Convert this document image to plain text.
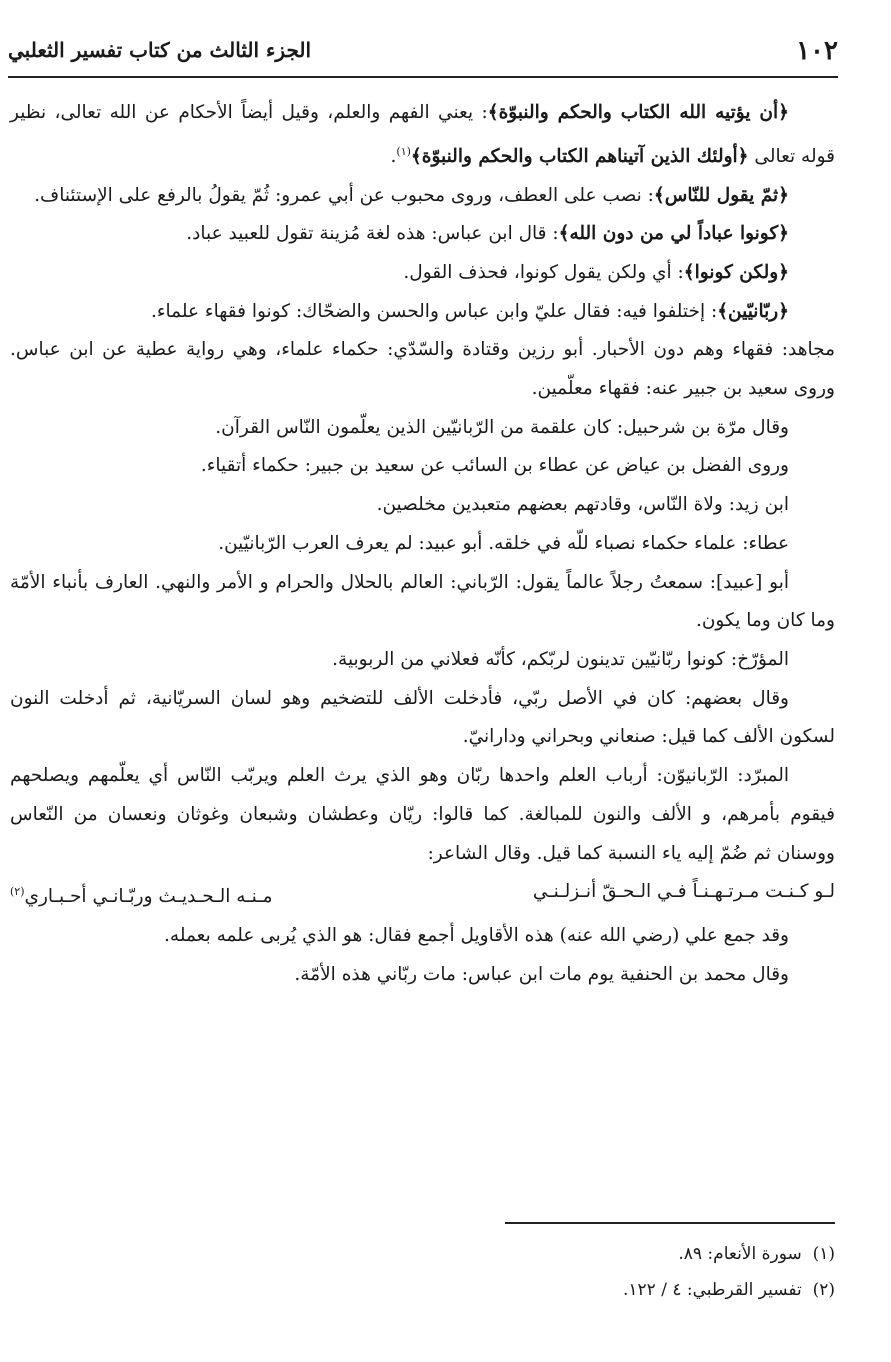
١٠٢
الجزء الثالث من كتاب تفسير الثعلبي

﴿أن يؤتيه الله الكتاب والحكم والنبوّة﴾: يعني الفهم والعلم، وقيل أيضاً الأحكام عن الله تعالى، نظير قوله تعالى ﴿أولئك الذين آتيناهم الكتاب والحكم والنبوّة﴾$^{(١)}$.

﴿ثمّ يقول للنّاس﴾: نصب على العطف، وروى محبوب عن أبي عمرو: ثُمّ يقولُ بالرفع على الإستئناف.

﴿كونوا عباداً لي من دون الله﴾: قال ابن عباس: هذه لغة مُزينة تقول للعبيد عباد.

﴿ولكن كونوا﴾: أي ولكن يقول كونوا، فحذف القول.

﴿ربّانيّين﴾: إختلفوا فيه: فقال عليّ وابن عباس والحسن والضحّاك: كونوا فقهاء علماء.

مجاهد: فقهاء وهم دون الأحبار. أبو رزين وقتادة والسّدّي: حكماء علماء، وهي رواية عطية عن ابن عباس. وروى سعيد بن جبير عنه: فقهاء معلّمين.

وقال مرّة بن شرحبيل: كان علقمة من الرّبانيّين الذين يعلّمون النّاس القرآن.

وروى الفضل بن عياض عن عطاء بن السائب عن سعيد بن جبير: حكماء أتقياء.

ابن زيد: ولاة النّاس، وقادتهم بعضهم متعبدين مخلصين.

عطاء: علماء حكماء نصباء للّه في خلقه. أبو عبيد: لم يعرف العرب الرّبانيّين.

أبو [عبيد]: سمعتُ رجلاً عالماً يقول: الرّباني: العالم بالحلال والحرام و الأمر والنهي. العارف بأنباء الأمّة وما كان وما يكون.

المؤرّخ: كونوا ربّانيّين تدينون لربّكم، كأنّه فعلاني من الربوبية.

وقال بعضهم: كان في الأصل ربّي، فأدخلت الألف للتضخيم وهو لسان السريّانية، ثم أدخلت النون لسكون الألف كما قيل: صنعاني وبحراني ودارانيّ.

المبرّد: الرّبانيوّن: أرباب العلم واحدها ربّان وهو الذي يرث العلم ويربّب النّاس أي يعلّمهم ويصلحهم فيقوم بأمرهم، و الألف والنون للمبالغة. كما قالوا: ريّان وعطشان وشبعان وغوثان ونعسان من النّعاس ووسنان ثم ضُمّ إليه ياء النسبة كما قيل. وقال الشاعر:

لـو كـنـت مـرتـهـنـاً فـي الـحـقّ أنـزلـنـي
مـنـه الـحـديـث وربّـانـي أحـبـاري$^{(٢)}$

وقد جمع علي (رضي الله عنه) هذه الأقاويل أجمع فقال: هو الذي يُربى علمه بعمله.

وقال محمد بن الحنفية يوم مات ابن عباس: مات ربّاني هذه الأمّة.

(١)  سورة الأنعام: ٨٩.

(٢)  تفسير القرطبي: ٤ / ١٢٢.
